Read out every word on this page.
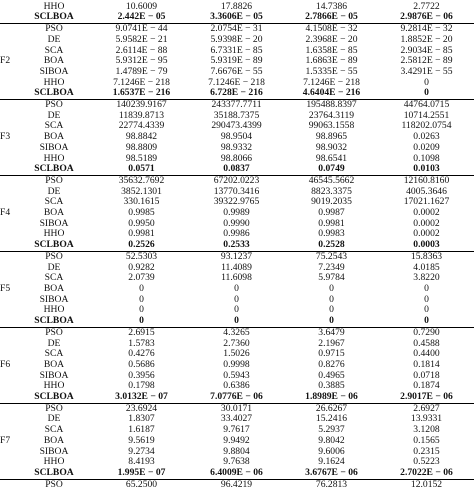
	HHO	10.6009	17.8826	14.7386	2.7722
	SCLBOA	2.442E − 05	3.3606E − 05	2.7866E − 05	2.9876E − 06
F2	PSO	9.0741E − 44	2.0754E − 31	4.1508E − 32	9.2814E − 32
	DE	5.9582E − 21	5.9398E − 20	2.3968E − 20	1.8852E − 20
	SCA	2.6114E − 88	6.7331E − 85	1.6358E − 85	2.9034E − 85
	BOA	5.9312E − 95	5.9319E − 89	1.6863E − 89	2.5812E − 89
	SIBOA	1.4789E − 79	7.6676E − 55	1.5335E − 55	3.4291E − 55
	HHO	7.1246E − 218	7.1246E − 218	7.1246E − 218	0
	SCLBOA	1.6537E − 216	6.728E − 216	4.6404E − 216	0
F3	PSO	140239.9167	243377.7711	195488.8397	44764.0715
	DE	11839.8713	35188.7375	23764.3119	10714.2551
	SCA	22774.4339	290473.4399	99063.1558	118202.0754
	BOA	98.8842	98.9504	98.8965	0.0263
	SIBOA	98.8809	98.9332	98.9032	0.0209
	HHO	98.5189	98.8066	98.6541	0.1098
	SCLBOA	0.0571	0.0837	0.0749	0.0103
F4	PSO	35632.7692	67202.0223	46545.5662	12160.8160
	DE	3852.1301	13770.3416	8823.3375	4005.3646
	SCA	330.1615	39322.9765	9019.2035	17021.1627
	BOA	0.9985	0.9989	0.9987	0.0002
	SIBOA	0.9950	0.9990	0.9981	0.0002
	HHO	0.9981	0.9986	0.9983	0.0002
	SCLBOA	0.2526	0.2533	0.2528	0.0003
F5	PSO	52.5303	93.1237	75.2543	15.8363
	DE	0.9282	11.4089	7.2349	4.0185
	SCA	2.0739	11.6098	5.9784	3.8220
	BOA	0	0	0	0
	SIBOA	0	0	0	0
	HHO	0	0	0	0
	SCLBOA	0	0	0	0
F6	PSO	2.6915	4.3265	3.6479	0.7290
	DE	1.5783	2.7360	2.1967	0.4588
	SCA	0.4276	1.5026	0.9715	0.4400
	BOA	0.5686	0.9998	0.8276	0.1814
	SIBOA	0.3956	0.5943	0.4965	0.0718
	HHO	0.1798	0.6386	0.3885	0.1874
	SCLBOA	3.0132E − 07	7.0776E − 06	1.8989E − 06	2.9017E − 06
F7	PSO	23.6924	30.0171	26.6267	2.6927
	DE	1.8307	33.4027	15.2416	13.9331
	SCA	1.6187	9.7617	5.2937	3.1208
	BOA	9.5619	9.9492	9.8042	0.1565
	SIBOA	9.2734	9.8804	9.6006	0.2315
	HHO	8.4193	9.7638	9.1624	0.5223
	SCLBOA	1.995E − 07	6.4009E − 06	3.6767E − 06	2.7022E − 06
	PSO	65.2500	96.4219	76.2813	12.0152
